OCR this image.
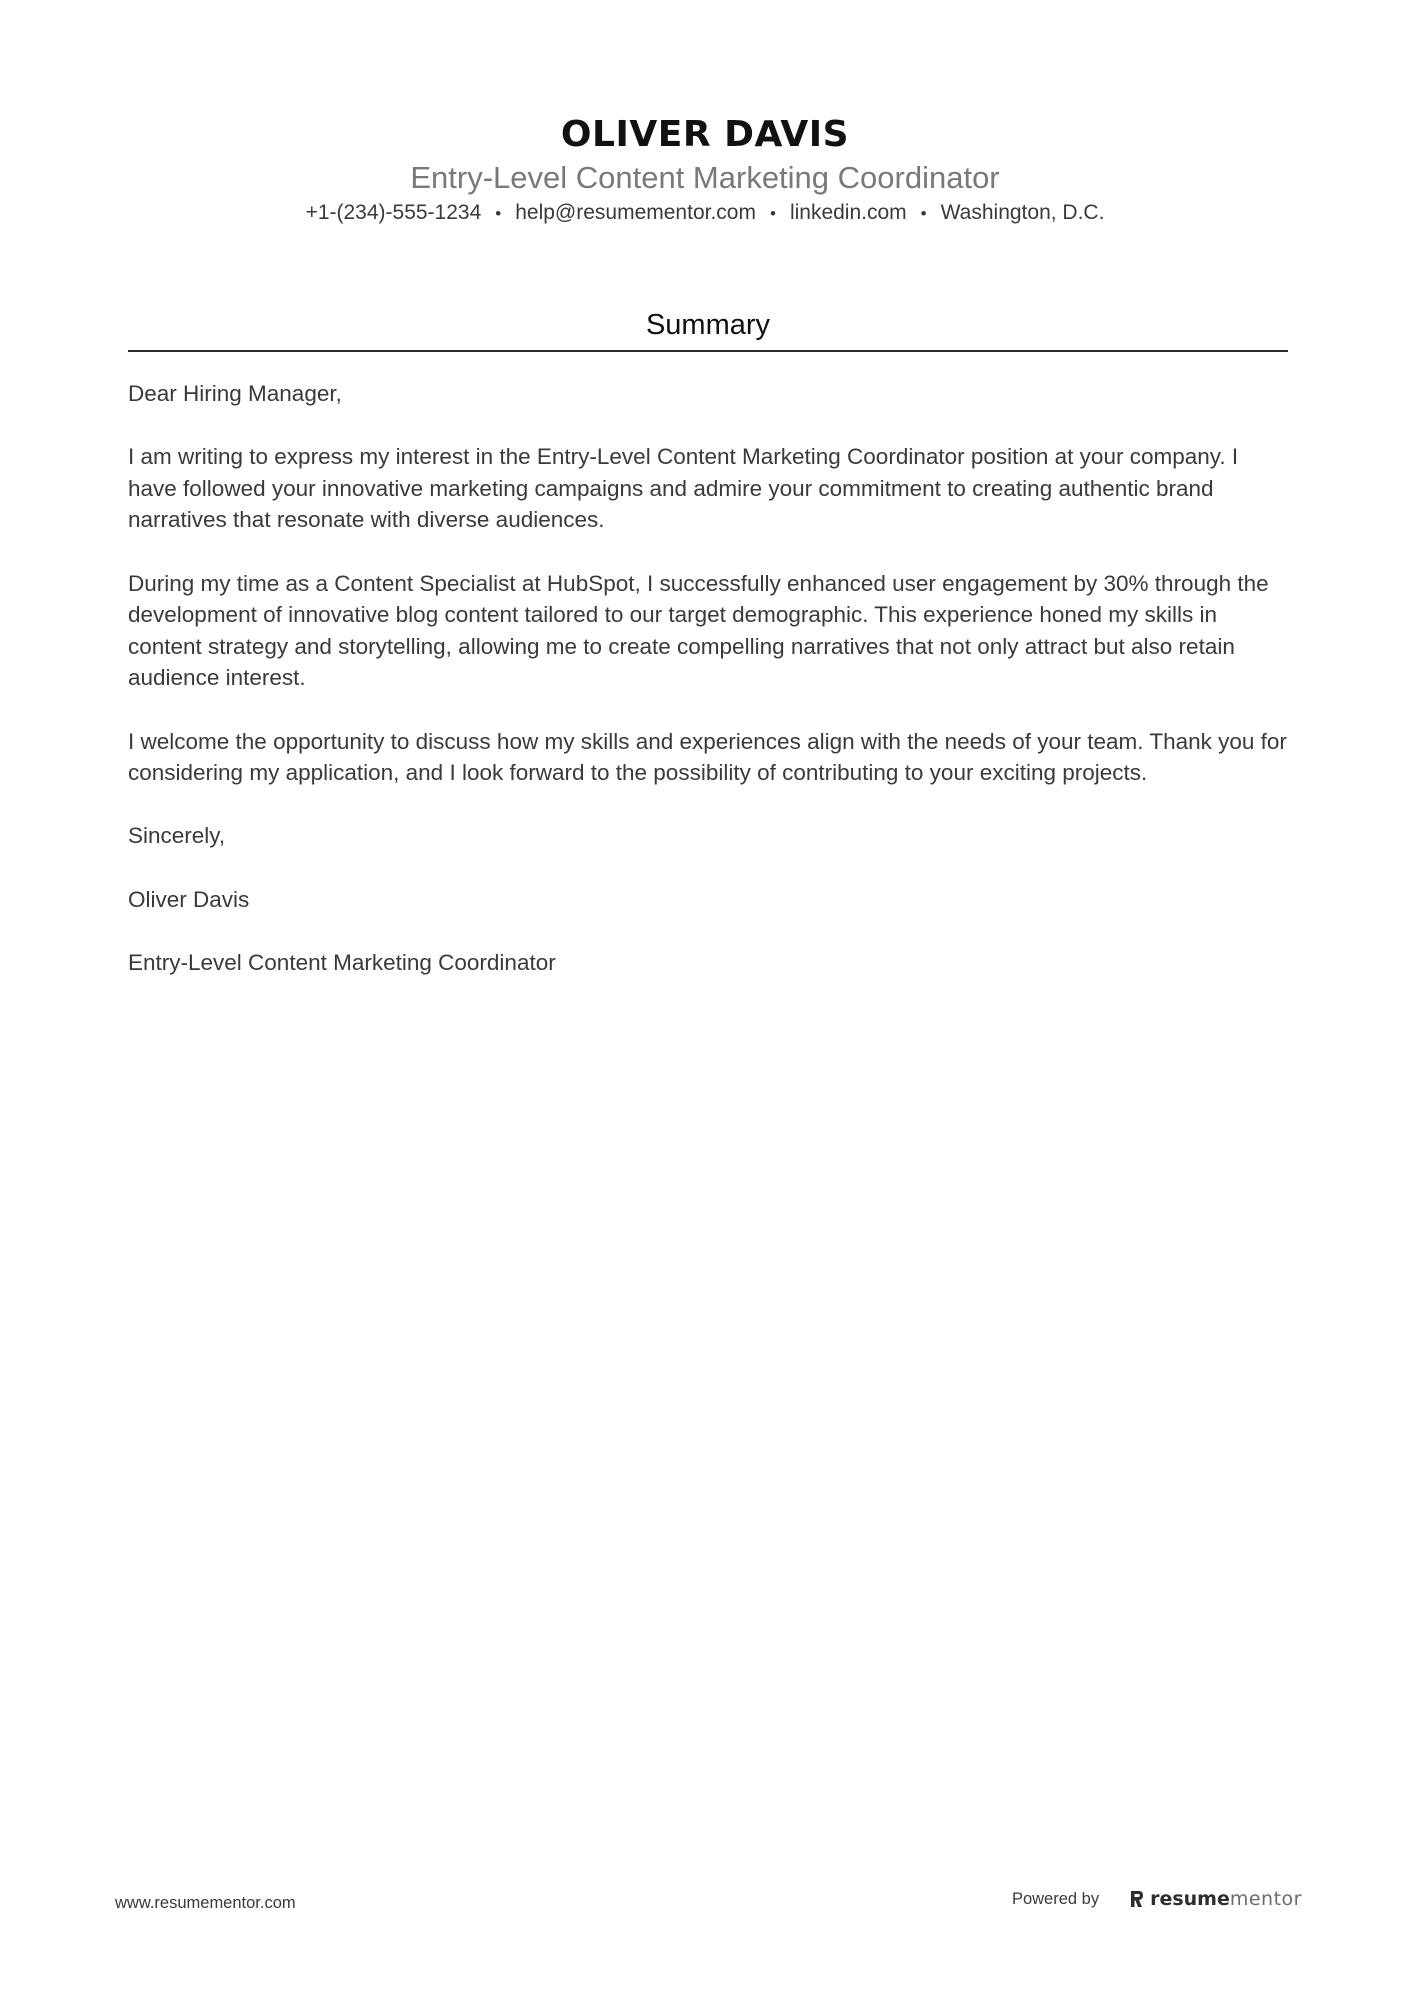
OLIVER DAVIS
Entry-Level Content Marketing Coordinator
+1-(234)-555-1234 • help@resumementor.com • linkedin.com • Washington, D.C.
Summary

Dear Hiring Manager,

I am writing to express my interest in the Entry-Level Content Marketing Coordinator position at your company. I have followed your innovative marketing campaigns and admire your commitment to creating authentic brand narratives that resonate with diverse audiences.

During my time as a Content Specialist at HubSpot, I successfully enhanced user engagement by 30% through the development of innovative blog content tailored to our target demographic. This experience honed my skills in content strategy and storytelling, allowing me to create compelling narratives that not only attract but also retain audience interest.

I welcome the opportunity to discuss how my skills and experiences align with the needs of your team. Thank you for considering my application, and I look forward to the possibility of contributing to your exciting projects.

Sincerely,

Oliver Davis

Entry-Level Content Marketing Coordinator

www.resumementor.com	Powered by	resume mentor
